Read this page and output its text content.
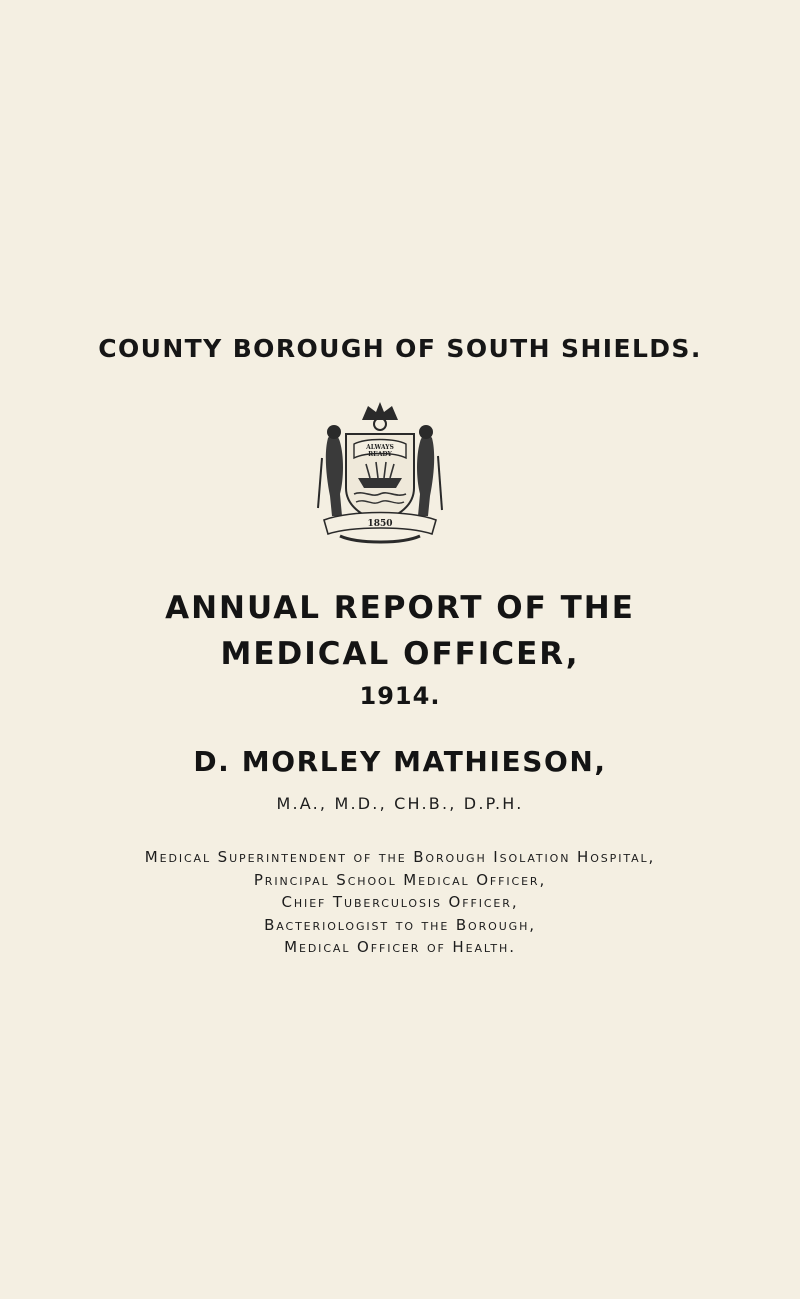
COUNTY BOROUGH OF SOUTH SHIELDS.
ALWAYS
READY
1850
ANNUAL REPORT OF THE
MEDICAL OFFICER,
1914.
D. MORLEY MATHIESON,
M.A., M.D., CH.B., D.P.H.
Medical Superintendent of the Borough Isolation Hospital,
Principal School Medical Officer,
Chief Tuberculosis Officer,
Bacteriologist to the Borough,
Medical Officer of Health.
